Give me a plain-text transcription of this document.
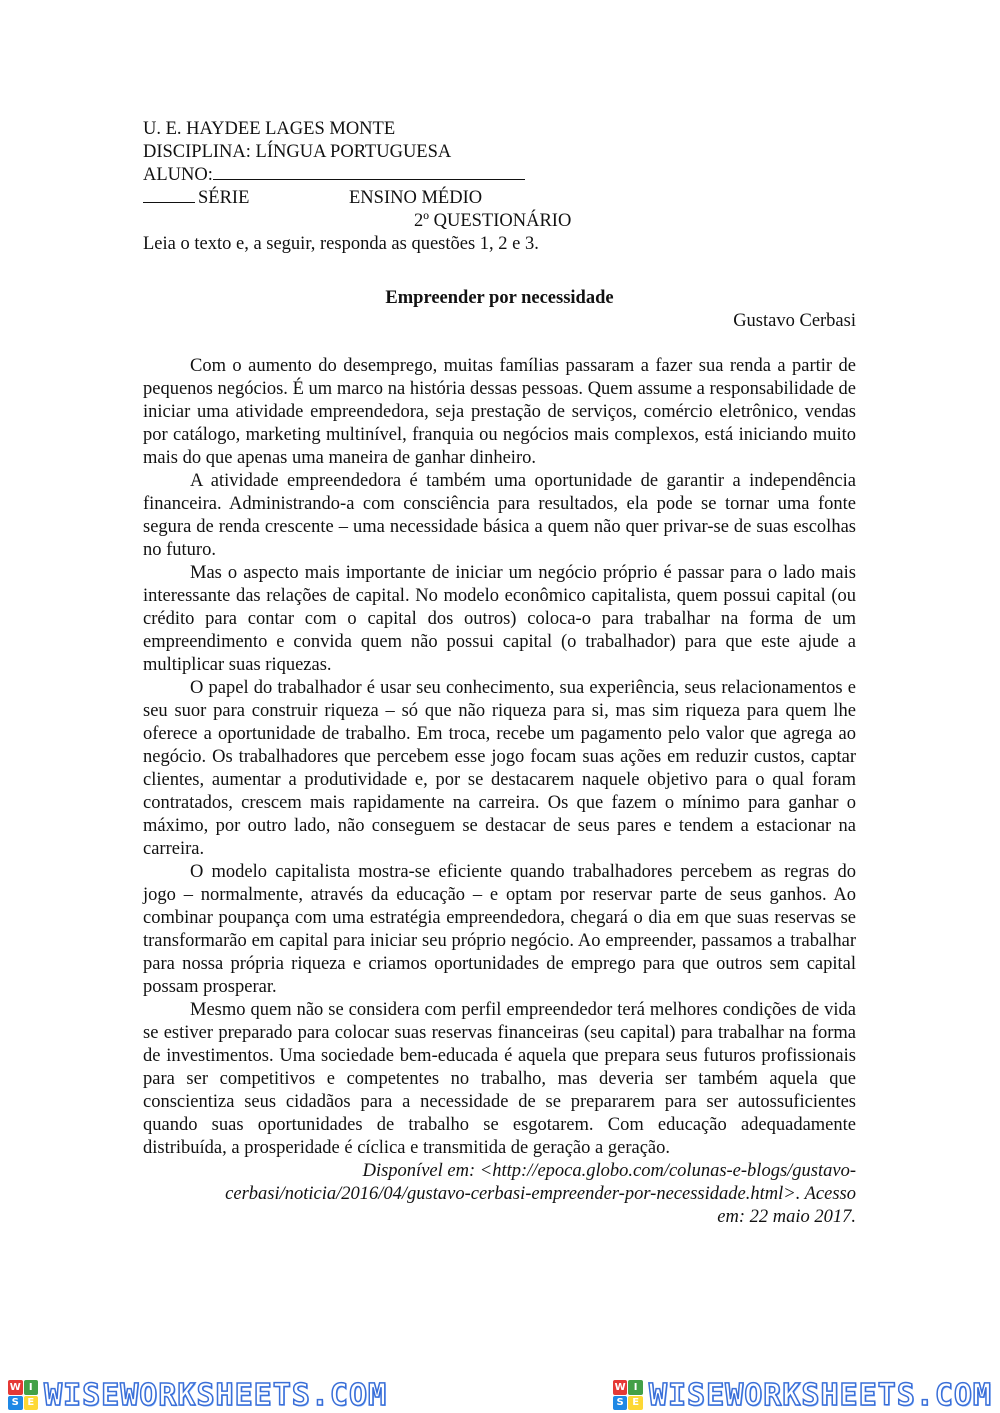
U. E. HAYDEE LAGES MONTE
DISCIPLINA: LÍNGUA PORTUGUESA
ALUNO:
SÉRIE	ENSINO MÉDIO
2º QUESTIONÁRIO
Leia o texto e, a seguir, responda as questões 1, 2 e 3.
Empreender por necessidade
Gustavo Cerbasi

Com o aumento do desemprego, muitas famílias passaram a fazer sua renda a partir de pequenos negócios. É um marco na história dessas pessoas. Quem assume a responsabilidade de iniciar uma atividade empreendedora, seja prestação de serviços, comércio eletrônico, vendas por catálogo, marketing multinível, franquia ou negócios mais complexos, está iniciando muito mais do que apenas uma maneira de ganhar dinheiro.

A atividade empreendedora é também uma oportunidade de garantir a independência financeira. Administrando-a com consciência para resultados, ela pode se tornar uma fonte segura de renda crescente – uma necessidade básica a quem não quer privar-se de suas escolhas no futuro.

Mas o aspecto mais importante de iniciar um negócio próprio é passar para o lado mais interessante das relações de capital. No modelo econômico capitalista, quem possui capital (ou crédito para contar com o capital dos outros) coloca-o para trabalhar na forma de um empreendimento e convida quem não possui capital (o trabalhador) para que este ajude a multiplicar suas riquezas.

O papel do trabalhador é usar seu conhecimento, sua experiência, seus relacionamentos e seu suor para construir riqueza – só que não riqueza para si, mas sim riqueza para quem lhe oferece a oportunidade de trabalho. Em troca, recebe um pagamento pelo valor que agrega ao negócio. Os trabalhadores que percebem esse jogo focam suas ações em reduzir custos, captar clientes, aumentar a produtividade e, por se destacarem naquele objetivo para o qual foram contratados, crescem mais rapidamente na carreira. Os que fazem o mínimo para ganhar o máximo, por outro lado, não conseguem se destacar de seus pares e tendem a estacionar na carreira.

O modelo capitalista mostra-se eficiente quando trabalhadores percebem as regras do jogo – normalmente, através da educação – e optam por reservar parte de seus ganhos. Ao combinar poupança com uma estratégia empreendedora, chegará o dia em que suas reservas se transformarão em capital para iniciar seu próprio negócio. Ao empreender, passamos a trabalhar para nossa própria riqueza e criamos oportunidades de emprego para que outros sem capital possam prosperar.

Mesmo quem não se considera com perfil empreendedor terá melhores condições de vida se estiver preparado para colocar suas reservas financeiras (seu capital) para trabalhar na forma de investimentos. Uma sociedade bem-educada é aquela que prepara seus futuros profissionais para ser competitivos e competentes no trabalho, mas deveria ser também aquela que conscientiza seus cidadãos para a necessidade de se prepararem para ser autossuficientes quando suas oportunidades de trabalho se esgotarem. Com educação adequadamente distribuída, a prosperidade é cíclica e transmitida de geração a geração.

Disponível em: <http://epoca.globo.com/colunas-e-blogs/gustavo-
cerbasi/noticia/2016/04/gustavo-cerbasi-empreender-por-necessidade.html>. Acesso
em: 22 maio 2017.
W I
S E WISEWORKSHEETS.COM	W I
S E WISEWORKSHEETS.COM
